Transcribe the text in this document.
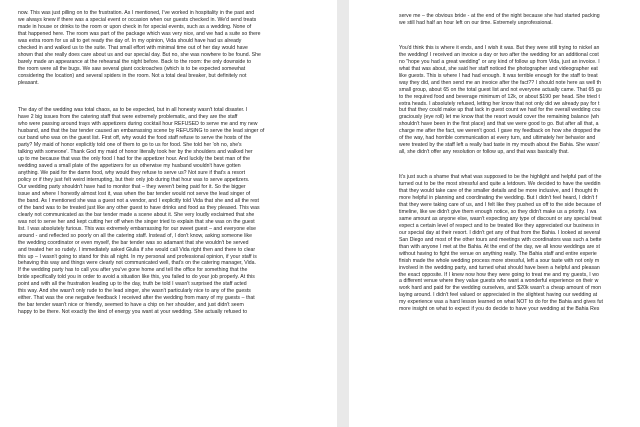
now. This was just pilling on to the frustration. As I mentioned, I've worked in hospitality in the past and
we always knew if there was a special event or occasion when our guests checked in. We'd send treats
made in house or drinks to the room or upon check in for special events, such as a wedding. None of
that happened here. The room was part of the package which was very nice, and we had a suite so there
was extra room for us all to get ready the day of. In my opinion, Vida should have had us already
checked in and walked us to the suite. That small effort with minimal time out of her day would have
shown that she really does care about us and our special day. But no, she was nowhere to be found. She
barely made an appearance at the rehearsal the night before. Back to the room: the only downside to
the room were all the bugs. We saw several giant cockroaches (which is to be expected somewhat
considering the location) and several spiders in the room. Not a total deal breaker, but definitely not
pleasant.

The day of the wedding was total chaos, as to be expected, but in all honesty wasn't total disaster. I
have 2 big issues from the catering staff that were extremely problematic, and they are the staff
who were passing around trays with appetizers during cocktail hour REFUSED to serve me and my new
husband, and that the bar tender caused an embarrassing scene by REFUSING to serve the lead singer of
our band who was on the guest list. First off, why would the food staff refuse to serve the hosts of the
party? My maid of honor explicitly told one of them to go to us for food. She told her 'oh no, she's
talking with someone'. Thank God my maid of honor literally took her by the shoulders and walked her
up to me because that was the only food I had for the appetizer hour. And luckily the best man of the
wedding saved a small plate of the appetizers for us otherwise my husband wouldn't have gotten
anything. We paid for the damn food, why would they refuse to serve us? Not sure if that's a resort
policy or if they just felt weird interrupting, but their only job during that hour was to serve appetizers.
Our wedding party shouldn't have had to monitor that – they weren't being paid for it. So the bigger
issue and where I honestly almost lost it, was when the bar tender would not serve the lead singer of
the band. As I mentioned she was a guest not a vendor, and I explicitly told Vida that she and all the rest
of the band was to be treated just like any other guest to have drinks and food as they pleased. This was
clearly not communicated as the bar tender made a scene about it. She very loudly exclaimed that she
was not to serve her and kept cutting her off when the singer tried to explain that she was on the guest
list. I was absolutely furious. This was extremely embarrassing for our sweet guest – and everyone else
around - and reflected so poorly on all the catering staff. Instead of, I don't know, asking someone like
the wedding coordinator or even myself, the bar tender was so adamant that she wouldn't be served
and treated her so rudely. I immediately asked Giulia if she would call Vida right then and there to clear
this up – I wasn't going to stand for this all night. In my personal and professional opinion, if your staff is
behaving this way and things were clearly not communicated well, that's on the catering manager, Vida.
If the wedding party has to call you after you've gone home and tell the office for something that the
bride specifically told you in order to avoid a situation like this, you failed to do your job properly. At this
point and with all the frustration leading up to the day, truth be told I wasn't surprised the staff acted
this way. And she wasn't only rude to the lead singer, she wasn't particularly nice to any of the guests
either. That was the one negative feedback I received after the wedding from many of my guests – that
the bar tender wasn't nice or friendly, seemed to have a chip on her shoulder, and just didn't seem
happy to be there. Not exactly the kind of energy you want at your wedding. She actually refused to

serve me – the obvious bride - at the end of the night because she had started packing
we still had half an hour left on our time. Extremely unprofessional.

You'd think this is where it ends, and I wish it was. But they were still trying to nickel an
the wedding! I received an invoice a day or two after the wedding for an additional cost
no "hope you had a great wedding" or any kind of follow up from Vida, just an invoice. I
what that was about, she said her staff noticed the photographer and videographer eat
like guests. This is where I had had enough. It was terrible enough for the staff to treat
way they did, and then send me an invoice after the fact?? I should note here as well th
small group, about 65 on the total guest list and not everyone actually came. That 65 gu
to the required food and beverage minimum of 12k, or about $190 per head. She tried t
extra heads. I absolutely refused, letting her know that not only did we already pay for t
but that they could make up that lack in guest count we had for the overall wedding cou
graciously (eye roll) let me know that the resort would cover the remaining balance (wh
shouldn't have been in the first place) and that we were good to go. But after all that, a
charge me after the fact, we weren't good. I gave my feedback on how she dropped the
of the way, had horrible communication at every turn, and ultimately her behavior and
were treated by the staff left a really bad taste in my mouth about the Bahia. She wasn'
all, she didn't offer any resolution or follow up, and that was basically that.

It's just such a shame that what was supposed to be the highlight and helpful part of the
turned out to be the most stressful and quite a letdown. We decided to have the weddin
that they would take care of the smaller details and be more inclusive, and I thought th
more helpful in planning and coordinating the wedding. But I didn't feel heard, I didn't f
that they were taking care of us, and I felt like they pushed us off to the side because of
timeline, like we didn't give them enough notice, so they didn't make us a priority. I wa
same amount as anyone else, wasn't expecting any type of discount or any special treat
expect a certain level of respect and to be treated like they appreciated our business in
our special day at their resort. I didn't get any of that from the Bahia. I looked at several
San Diego and most of the other tours and meetings with coordinators was such a bette
than with anyone I met at the Bahia. At the end of the day, we all know weddings are st
without having to fight the venue on anything really. The Bahia staff and entire experie
finish made the whole wedding process more stressful, left a sour taste with not only m
involved in the wedding party, and turned what should have been a helpful and pleasan
the exact opposite. If I knew now how they were going to treat me and my guests, I wo
a different venue where they value guests who want a wonderful experience on their w
work hard and paid for the wedding ourselves, and $20k wasn't a cheap amount of mon
laying around. I didn't feel valued or appreciated in the slightest having our wedding at
my experience was a hard lesson learned on what NOT to do for the Bahia and gives fut
more insight on what to expect if you do decide to have your wedding at the Bahia Res
